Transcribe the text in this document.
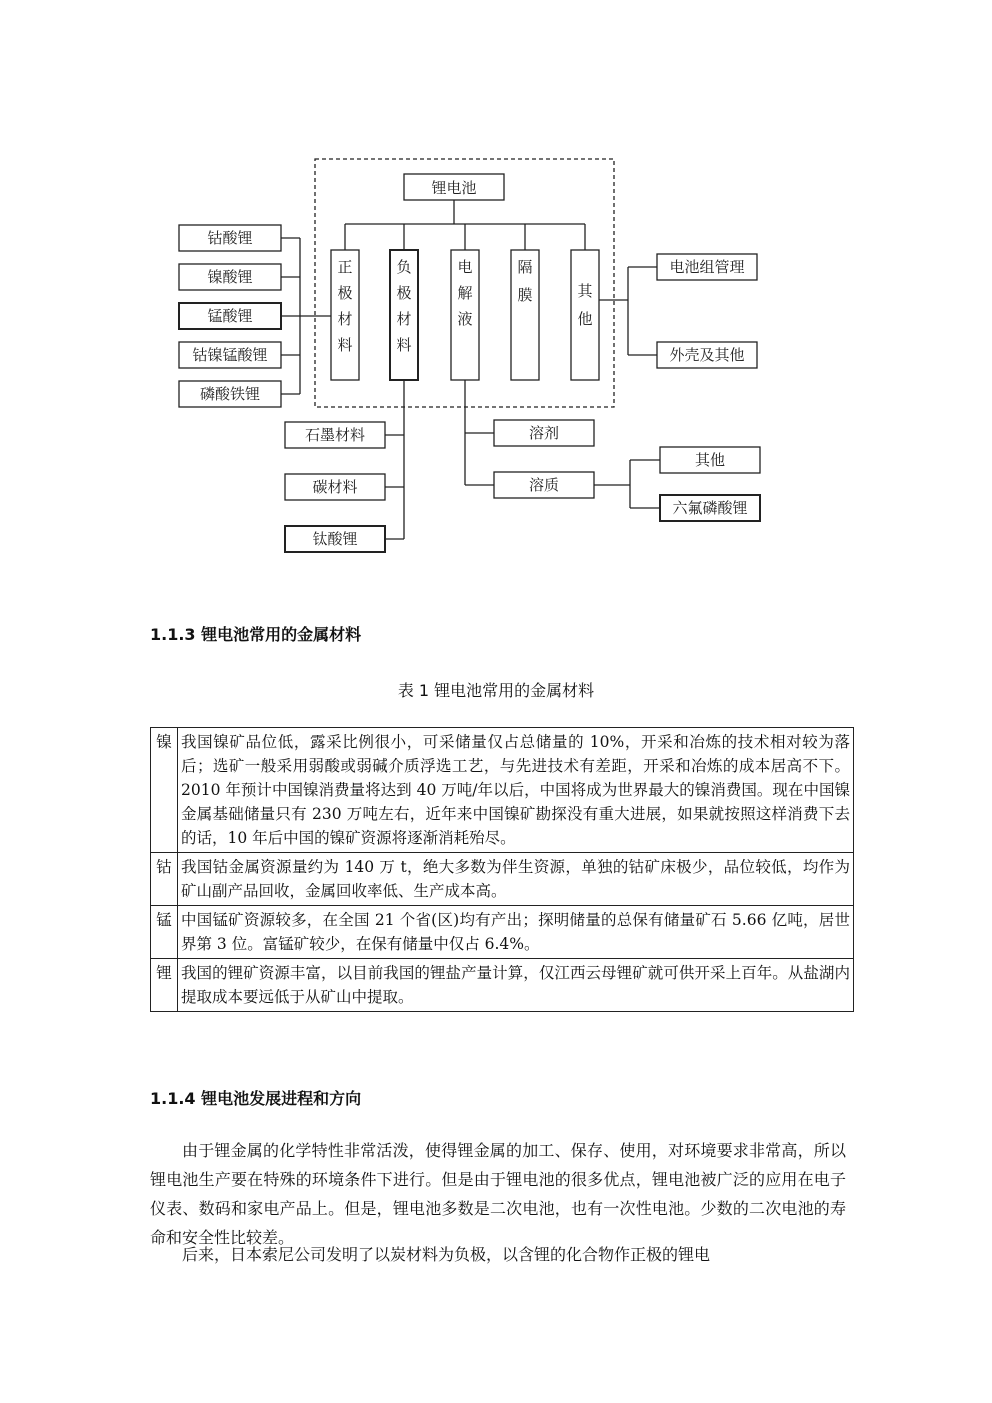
锂电池
正极材料
负极材料
电解液
隔膜	其他
钴酸锂
镍酸锂
锰酸锂
钴镍锰酸锂
磷酸铁锂
电池组管理
外壳及其他
石墨材料
碳材料
钛酸锂
溶剂
溶质
其他
六氟磷酸锂
1.1.3 锂电池常用的金属材料
表 1 锂电池常用的金属材料
镍	我国镍矿品位低，露采比例很小，可采储量仅占总储量的 10%，开采和冶炼的技术相对较为落后；选矿一般采用弱酸或弱碱介质浮选工艺，与先进技术有差距，开采和冶炼的成本居高不下。2010 年预计中国镍消费量将达到 40 万吨/年以后，中国将成为世界最大的镍消费国。现在中国镍金属基础储量只有 230 万吨左右，近年来中国镍矿勘探没有重大进展，如果就按照这样消费下去的话，10 年后中国的镍矿资源将逐渐消耗殆尽。
钴	我国钴金属资源量约为 140 万 t，绝大多数为伴生资源，单独的钴矿床极少，品位较低，均作为矿山副产品回收，金属回收率低、生产成本高。
锰	中国锰矿资源较多，在全国 21 个省(区)均有产出；探明储量的总保有储量矿石 5.66 亿吨，居世界第 3 位。富锰矿较少，在保有储量中仅占 6.4%。
锂	我国的锂矿资源丰富，以目前我国的锂盐产量计算，仅江西云母锂矿就可供开采上百年。从盐湖内提取成本要远低于从矿山中提取。
1.1.4 锂电池发展进程和方向
由于锂金属的化学特性非常活泼，使得锂金属的加工、保存、使用，对环境要求非常高，所以锂电池生产要在特殊的环境条件下进行。但是由于锂电池的很多优点，锂电池被广泛的应用在电子仪表、数码和家电产品上。但是，锂电池多数是二次电池，也有一次性电池。少数的二次电池的寿命和安全性比较差。
后来，日本索尼公司发明了以炭材料为负极，以含锂的化合物作正极的锂电
